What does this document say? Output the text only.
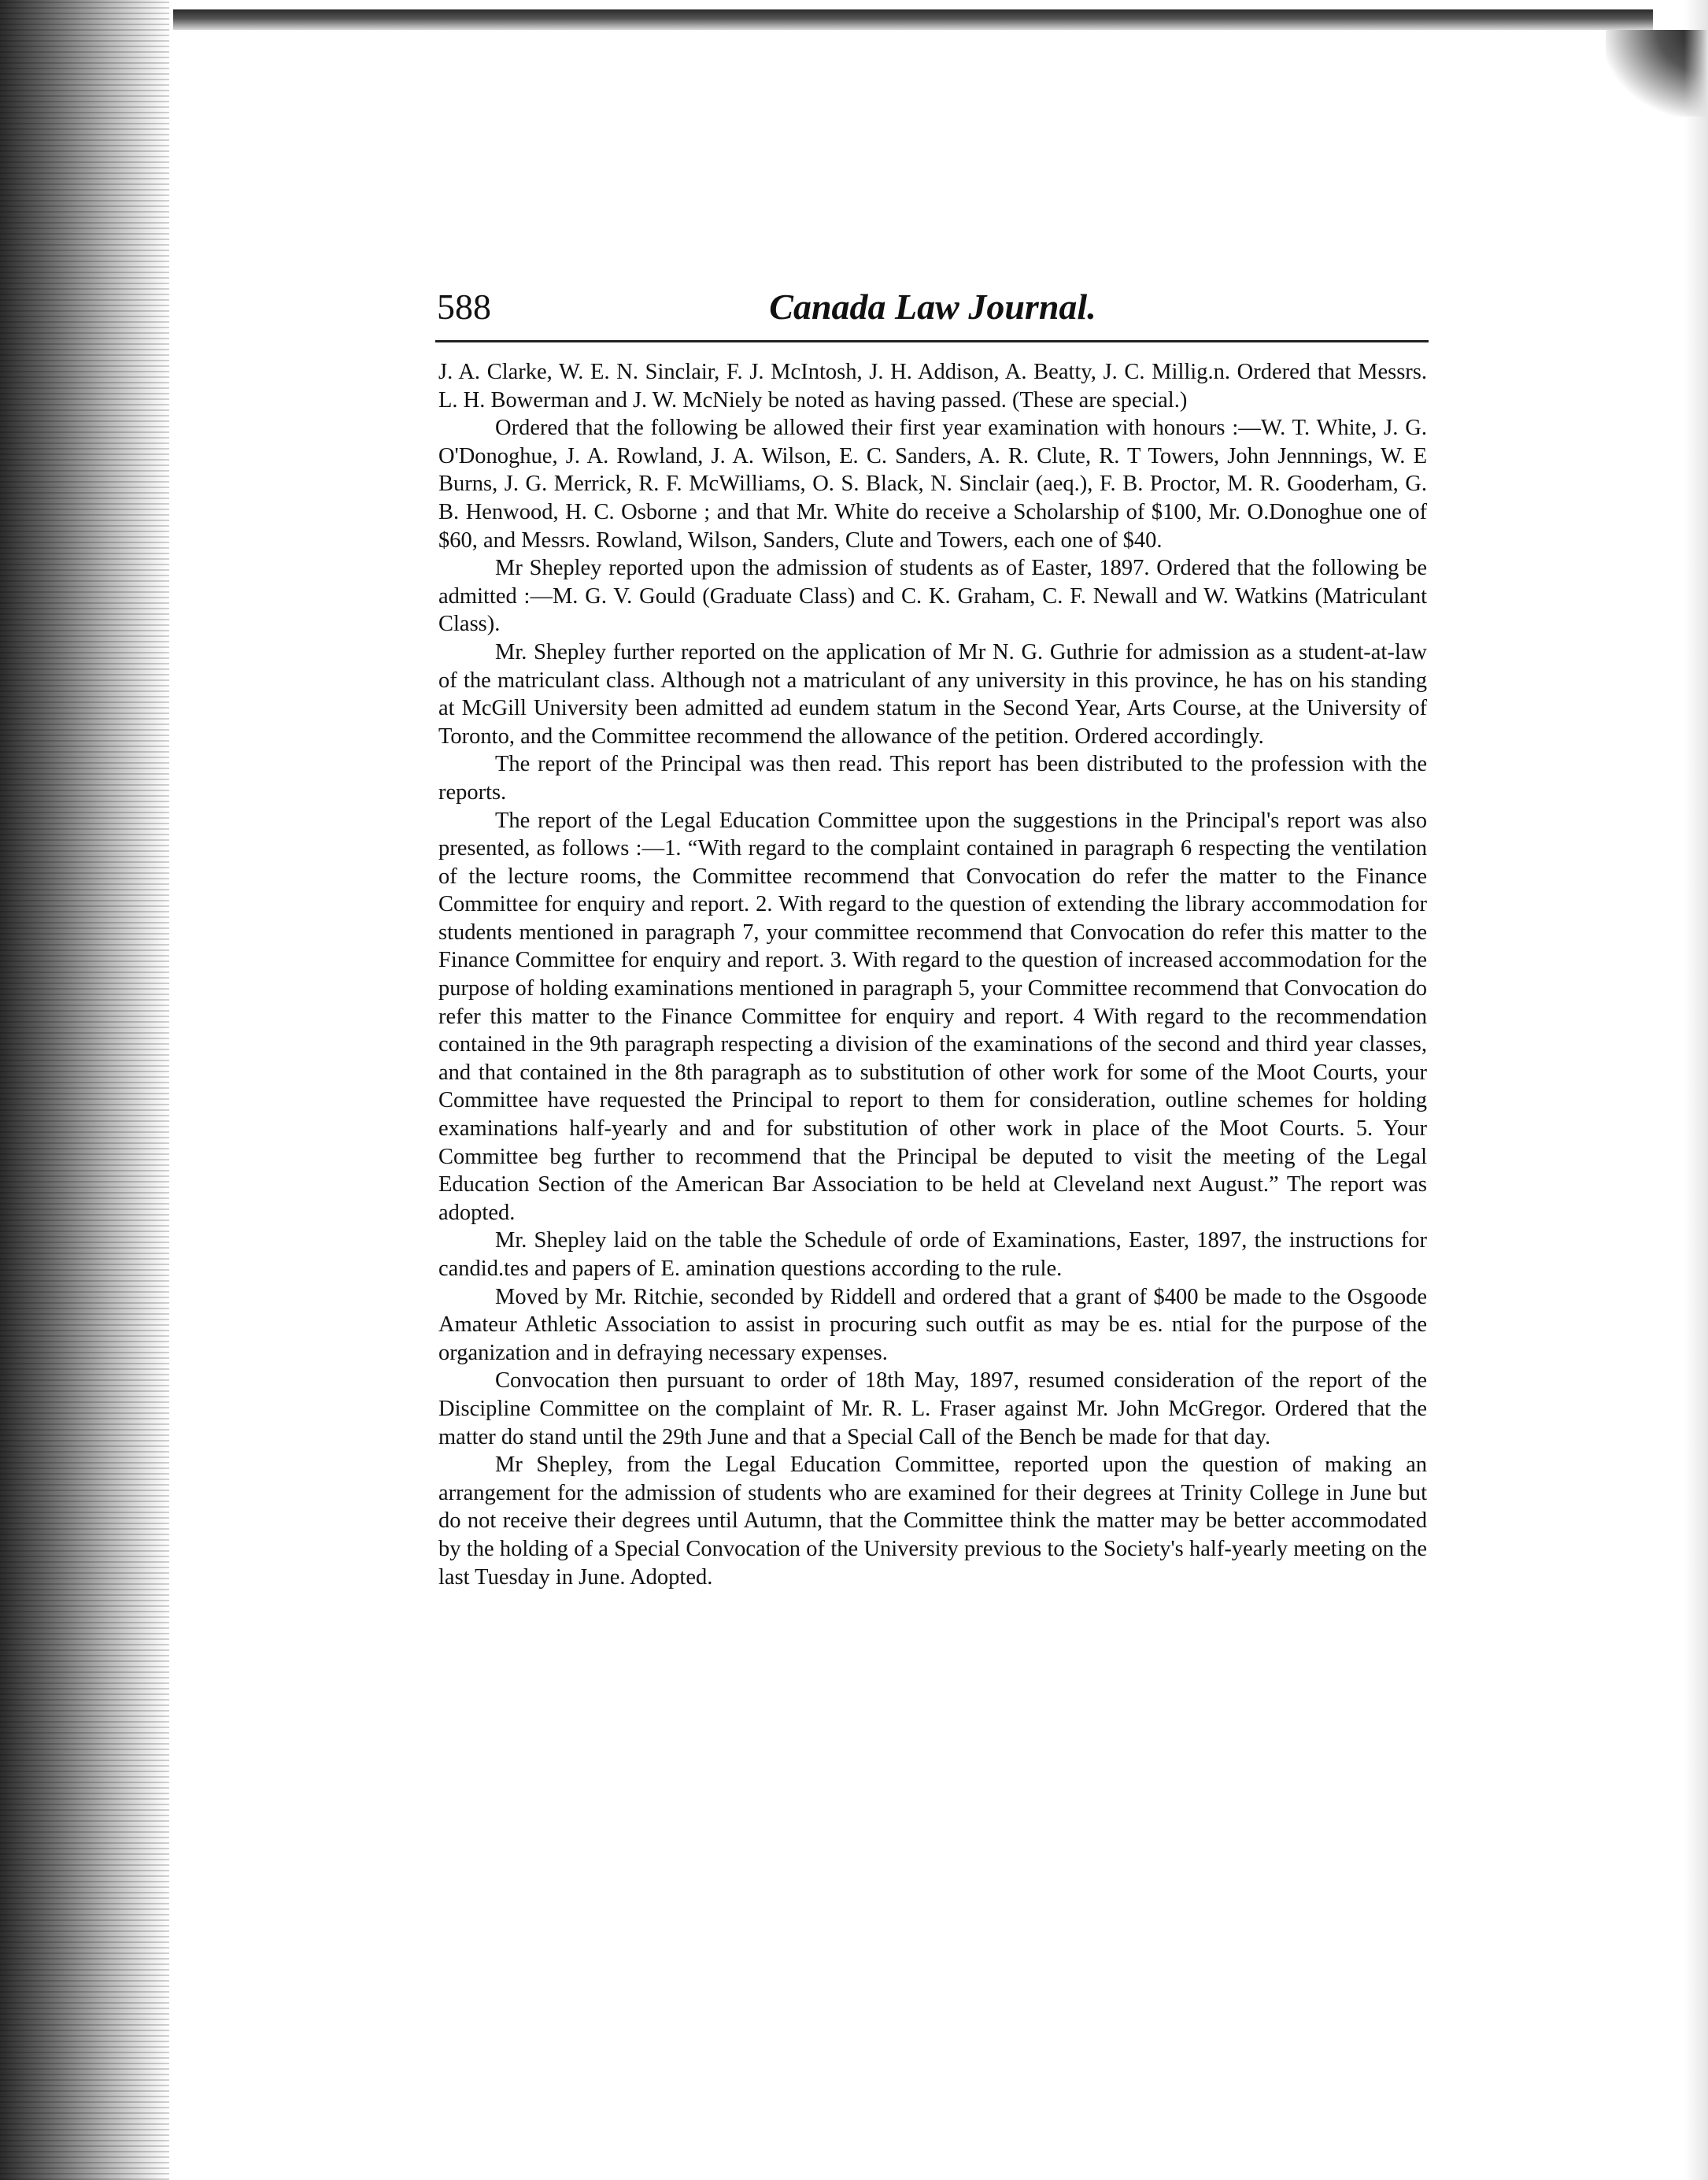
588	Canada Law Journal.

J. A. Clarke, W. E. N. Sinclair, F. J. McIntosh, J. H. Addison, A. Beatty, J. C. Millig.n. Ordered that Messrs. L. H. Bowerman and J. W. McNiely be noted as having passed. (These are special.)

Ordered that the following be allowed their first year examination with honours :—W. T. White, J. G. O'Donoghue, J. A. Rowland, J. A. Wilson, E. C. Sanders, A. R. Clute, R. T Towers, John Jennnings, W. E Burns, J. G. Merrick, R. F. McWilliams, O. S. Black, N. Sinclair (aeq.), F. B. Proctor, M. R. Gooderham, G. B. Henwood, H. C. Osborne ; and that Mr. White do receive a Scholarship of $100, Mr. O.Donoghue one of $60, and Messrs. Rowland, Wilson, Sanders, Clute and Towers, each one of $40.

Mr Shepley reported upon the admission of students as of Easter, 1897. Ordered that the following be admitted :—M. G. V. Gould (Graduate Class) and C. K. Graham, C. F. Newall and W. Watkins (Matriculant Class).

Mr. Shepley further reported on the application of Mr N. G. Guthrie for admission as a student-at-law of the matriculant class. Although not a matriculant of any university in this province, he has on his standing at McGill University been admitted ad eundem statum in the Second Year, Arts Course, at the University of Toronto, and the Committee recommend the allowance of the petition. Ordered accordingly.

The report of the Principal was then read. This report has been distributed to the profession with the reports.

The report of the Legal Education Committee upon the suggestions in the Principal's report was also presented, as follows :—1. “With regard to the complaint contained in paragraph 6 respecting the ventilation of the lecture rooms, the Committee recommend that Convocation do refer the matter to the Finance Committee for enquiry and report. 2. With regard to the question of extending the library accommodation for students mentioned in paragraph 7, your committee recommend that Convocation do refer this matter to the Finance Committee for enquiry and report. 3. With regard to the question of increased accommodation for the purpose of holding examinations mentioned in paragraph 5, your Committee recommend that Convocation do refer this matter to the Finance Committee for enquiry and report. 4 With regard to the recommendation contained in the 9th paragraph respecting a division of the examinations of the second and third year classes, and that contained in the 8th paragraph as to substitution of other work for some of the Moot Courts, your Committee have requested the Principal to report to them for consideration, outline schemes for holding examinations half-yearly and and for substitution of other work in place of the Moot Courts. 5. Your Committee beg further to recommend that the Principal be deputed to visit the meeting of the Legal Education Section of the American Bar Association to be held at Cleveland next August.” The report was adopted.

Mr. Shepley laid on the table the Schedule of orde of Examinations, Easter, 1897, the instructions for candid.tes and papers of E. amination questions according to the rule.

Moved by Mr. Ritchie, seconded by Riddell and ordered that a grant of $400 be made to the Osgoode Amateur Athletic Association to assist in procuring such outfit as may be es. ntial for the purpose of the organization and in defraying necessary expenses.

Convocation then pursuant to order of 18th May, 1897, resumed consideration of the report of the Discipline Committee on the complaint of Mr. R. L. Fraser against Mr. John McGregor. Ordered that the matter do stand until the 29th June and that a Special Call of the Bench be made for that day.

Mr Shepley, from the Legal Education Committee, reported upon the question of making an arrangement for the admission of students who are examined for their degrees at Trinity College in June but do not receive their degrees until Autumn, that the Committee think the matter may be better accommodated by the holding of a Special Convocation of the University previous to the Society's half-yearly meeting on the last Tuesday in June. Adopted.
